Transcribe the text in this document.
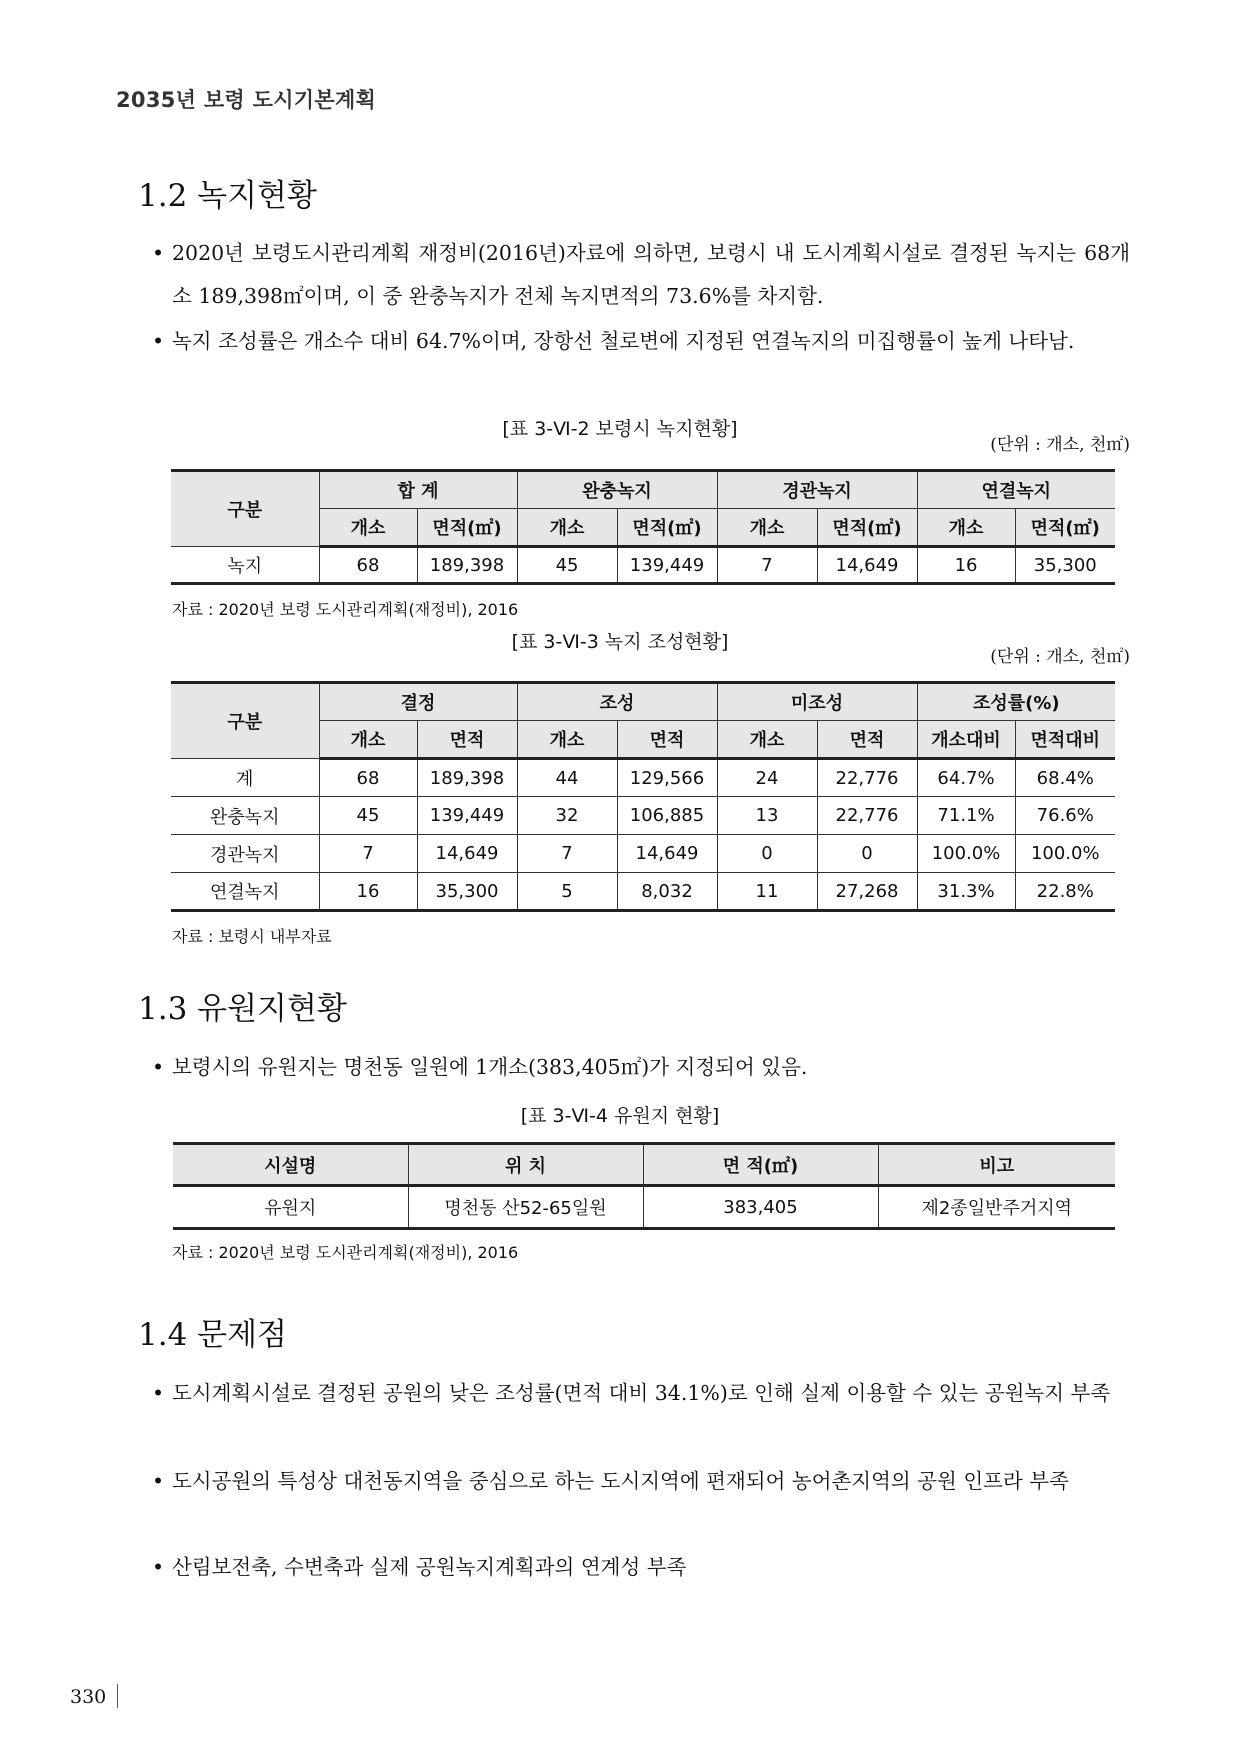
2035년 보령 도시기본계획
1.2 녹지현황
• 2020년 보령도시관리계획 재정비(2016년)자료에 의하면, 보령시 내 도시계획시설로 결정된 녹지는 68개소 189,398㎡이며, 이 중 완충녹지가 전체 녹지면적의 73.6%를 차지함.
• 녹지 조성률은 개소수 대비 64.7%이며, 장항선 철로변에 지정된 연결녹지의 미집행률이 높게 나타남.
[표 3-Ⅵ-2 보령시 녹지현황]
(단위 : 개소, 천㎡)
구분	합 계		완충녹지		경관녹지		연결녹지	
	개소	면적(㎡)	개소	면적(㎡)	개소	면적(㎡)	개소	면적(㎡)
녹지	68	189,398	45	139,449	7	14,649	16	35,300
자료 : 2020년 보령 도시관리계획(재정비), 2016
[표 3-Ⅵ-3 녹지 조성현황]
(단위 : 개소, 천㎡)
구분	결정		조성		미조성		조성률(%)	
	개소	면적	개소	면적	개소	면적	개소대비	면적대비
계	68	189,398	44	129,566	24	22,776	64.7%	68.4%
완충녹지	45	139,449	32	106,885	13	22,776	71.1%	76.6%
경관녹지	7	14,649	7	14,649	0	0	100.0%	100.0%
연결녹지	16	35,300	5	8,032	11	27,268	31.3%	22.8%
자료 : 보령시 내부자료
1.3 유원지현황
• 보령시의 유원지는 명천동 일원에 1개소(383,405㎡)가 지정되어 있음.
[표 3-Ⅵ-4 유원지 현황]
시설명	위 치	면 적(㎡)	비고
유원지	명천동 산52-65일원	383,405	제2종일반주거지역
자료 : 2020년 보령 도시관리계획(재정비), 2016
1.4 문제점
• 도시계획시설로 결정된 공원의 낮은 조성률(면적 대비 34.1%)로 인해 실제 이용할 수 있는 공원녹지 부족
• 도시공원의 특성상 대천동지역을 중심으로 하는 도시지역에 편재되어 농어촌지역의 공원 인프라 부족
• 산림보전축, 수변축과 실제 공원녹지계획과의 연계성 부족
330
